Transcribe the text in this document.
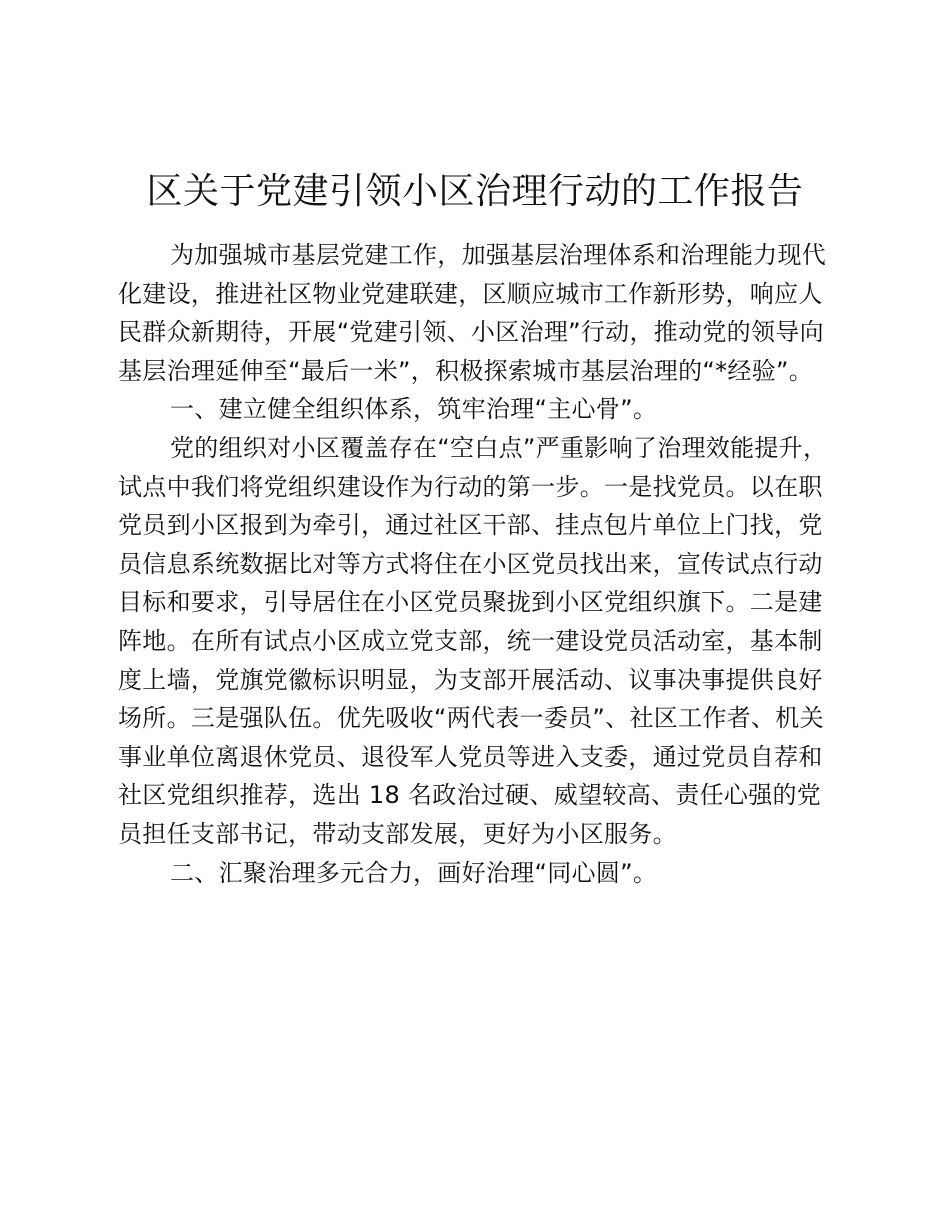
区关于党建引领小区治理行动的工作报告

为加强城市基层党建工作，加强基层治理体系和治理能力现代化建设，推进社区物业党建联建，区顺应城市工作新形势，响应人民群众新期待，开展“党建引领、小区治理”行动，推动党的领导向基层治理延伸至“最后一米”，积极探索城市基层治理的“*经验”。

一、建立健全组织体系，筑牢治理“主心骨”。

党的组织对小区覆盖存在“空白点”严重影响了治理效能提升，试点中我们将党组织建设作为行动的第一步。一是找党员。以在职党员到小区报到为牵引，通过社区干部、挂点包片单位上门找，党员信息系统数据比对等方式将住在小区党员找出来，宣传试点行动目标和要求，引导居住在小区党员聚拢到小区党组织旗下。二是建阵地。在所有试点小区成立党支部，统一建设党员活动室，基本制度上墙，党旗党徽标识明显，为支部开展活动、议事决事提供良好场所。三是强队伍。优先吸收“两代表一委员”、社区工作者、机关事业单位离退休党员、退役军人党员等进入支委，通过党员自荐和社区党组织推荐，选出 18 名政治过硬、威望较高、责任心强的党员担任支部书记，带动支部发展，更好为小区服务。

二、汇聚治理多元合力，画好治理“同心圆”。
